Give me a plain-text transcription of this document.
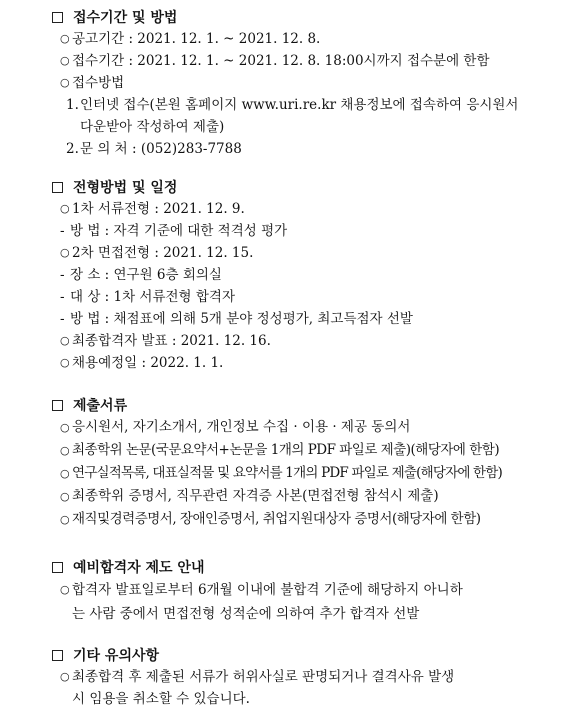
접수기간 및 방법
○ 공고기간 : 2021. 12. 1. ~ 2021. 12. 8.
○ 접수기간 : 2021. 12. 1. ~ 2021. 12. 8. 18:00시까지 접수분에 한함
○ 접수방법
1. 인터넷 접수(본원 홈페이지 www.uri.re.kr 채용정보에 접속하여 응시원서
다운받아 작성하여 제출)
2. 문 의 처 : (052)283-7788
전형방법 및 일정
○ 1차 서류전형 : 2021. 12. 9.
- 방 법 : 자격 기준에 대한 적격성 평가
○ 2차 면접전형 : 2021. 12. 15.
- 장 소 : 연구원 6층 회의실
- 대 상 : 1차 서류전형 합격자
- 방 법 : 채점표에 의해 5개 분야 정성평가, 최고득점자 선발
○ 최종합격자 발표 : 2021. 12. 16.
○ 채용예정일 : 2022. 1. 1.
제출서류
○ 응시원서, 자기소개서, 개인정보 수집 · 이용 · 제공 동의서
○ 최종학위 논문(국문요약서+논문을 1개의 PDF 파일로 제출)(해당자에 한함)
○ 연구실적목록, 대표실적물 및 요약서를 1개의 PDF 파일로 제출(해당자에 한함)
○ 최종학위 증명서, 직무관련 자격증 사본(면접전형 참석시 제출)
○ 재직및경력증명서, 장애인증명서, 취업지원대상자 증명서(해당자에 한함)
예비합격자 제도 안내
○ 합격자 발표일로부터 6개월 이내에 불합격 기준에 해당하지 아니하
는 사람 중에서 면접전형 성적순에 의하여 추가 합격자 선발
기타 유의사항
○ 최종합격 후 제출된 서류가 허위사실로 판명되거나 결격사유 발생
시 임용을 취소할 수 있습니다.
